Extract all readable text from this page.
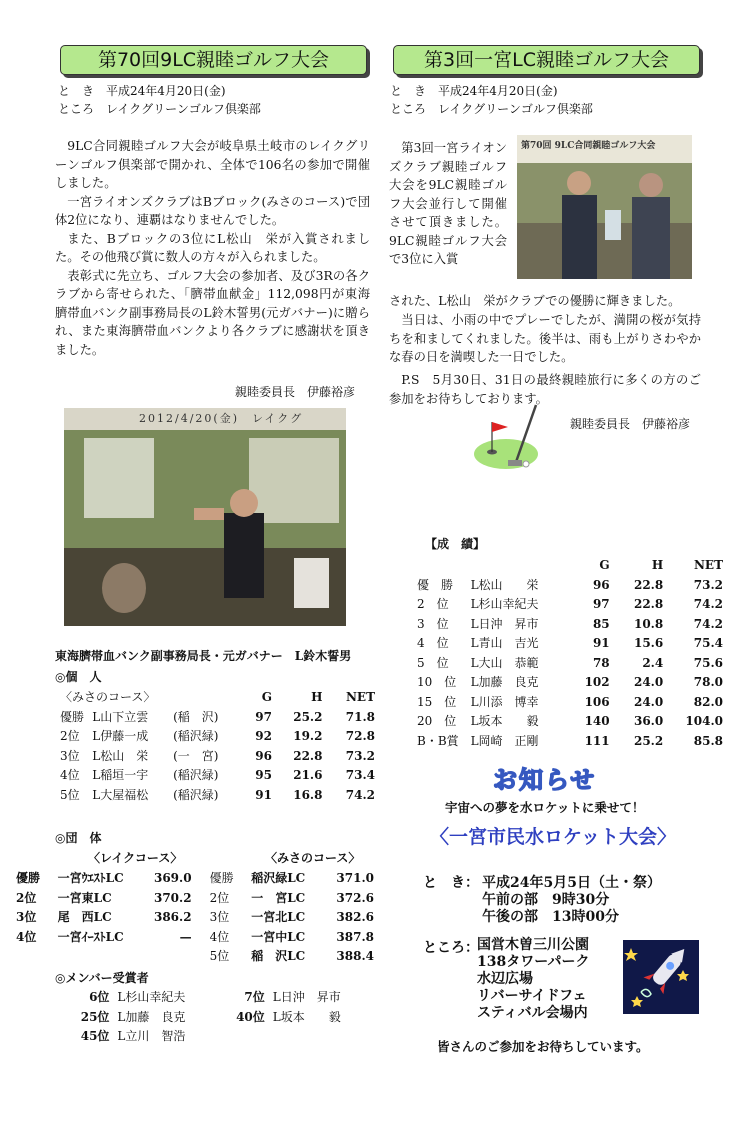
第70回9LC親睦ゴルフ大会
と　き　平成24年4月20日(金)
ところ　レイクグリーンゴルフ倶楽部
9LC合同親睦ゴルフ大会が岐阜県土岐市のレイクグリーンゴルフ倶楽部で開かれ、全体で106名の参加で開催しました。
一宮ライオンズクラブはBブロック(みさのコース)で団体2位になり、連覇はなりませんでした。
また、Bブロックの3位にL松山　栄が入賞されました。その他飛び賞に数人の方々が入られました。
表彰式に先立ち、ゴルフ大会の参加者、及び3Rの各クラブから寄せられた、「臍帯血献金」112,098円が東海臍帯血バンク副事務局長のL鈴木誓男(元ガバナー)に贈られ、また東海臍帯血バンクより各クラブに感謝状を頂きました。
親睦委員長　伊藤裕彦
2012/4/20(金)　レイクグ
東海臍帯血バンク副事務局長・元ガバナー　L鈴木誓男
第3回一宮LC親睦ゴルフ大会
と　き　平成24年4月20日(金)
ところ　レイクグリーンゴルフ倶楽部
第70回 9LC合同親睦ゴルフ大会
第3回一宮ライオンズクラブ親睦ゴルフ大会を9LC親睦ゴルフ大会並行して開催させて頂きました。9LC親睦ゴルフ大会で3位に入賞
された、L松山　栄がクラブでの優勝に輝きました。
当日は、小雨の中でプレーでしたが、満開の桜が気持ちを和ましてくれました。後半は、雨も上がりさわやかな春の日を満喫した一日でした。
P.S　5月30日、31日の最終親睦旅行に多くの方のご参加をお待ちしております。
親睦委員長　伊藤裕彦
【成　績】
		G	H	NET
優　勝	L松山　　栄	96	22.8	73.2
2　位	L杉山幸紀夫	97	22.8	74.2
3　位	L日沖　昇市	85	10.8	74.2
4　位	L青山　吉光	91	15.6	75.4
5　位	L大山　恭範	78	2.4	75.6
10　位	L加藤　良克	102	24.0	78.0
15　位	L川添　博幸	106	24.0	82.0
20　位	L坂本　　毅	140	36.0	104.0
B・B賞	L岡崎　正剛	111	25.2	85.8
◎個　人
〈みさのコース〉			G	H	NET
優勝	L山下立雲	(稲　沢)	97	25.2	71.8
2位	L伊藤一成	(稲沢緑)	92	19.2	72.8
3位	L松山　栄	(一　宮)	96	22.8	73.2
4位	L稲垣一宇	(稲沢緑)	95	21.6	73.4
5位	L大屋福松	(稲沢緑)	91	16.8	74.2
◎団　体
〈レイクコース〉	〈みさのコース〉
優勝	一宮ｳｴｽﾄLC	369.0	優勝	稲沢緑LC	371.0
2位	一宮東LC	370.2	2位	一　宮LC	372.6
3位	尾　西LC	386.2	3位	一宮北LC	382.6
4位	一宮ｲｰｽﾄLC	—	4位	一宮中LC	387.8
			5位	稲　沢LC	388.4
◎メンバー受賞者
6位	L杉山幸紀夫	7位	L日沖　昇市
25位	L加藤　良克	40位	L坂本　　毅
45位	L立川　智浩		
お知らせ
宇宙への夢を水ロケットに乗せて！
〈一宮市民水ロケット大会〉
と　き： 平成24年5月5日（土・祭）
午前の部　9時30分
午後の部　13時00分
ところ：
国営木曽三川公園
138タワーパーク
水辺広場
リバーサイドフェ
スティバル会場内
皆さんのご参加をお待ちしています。
